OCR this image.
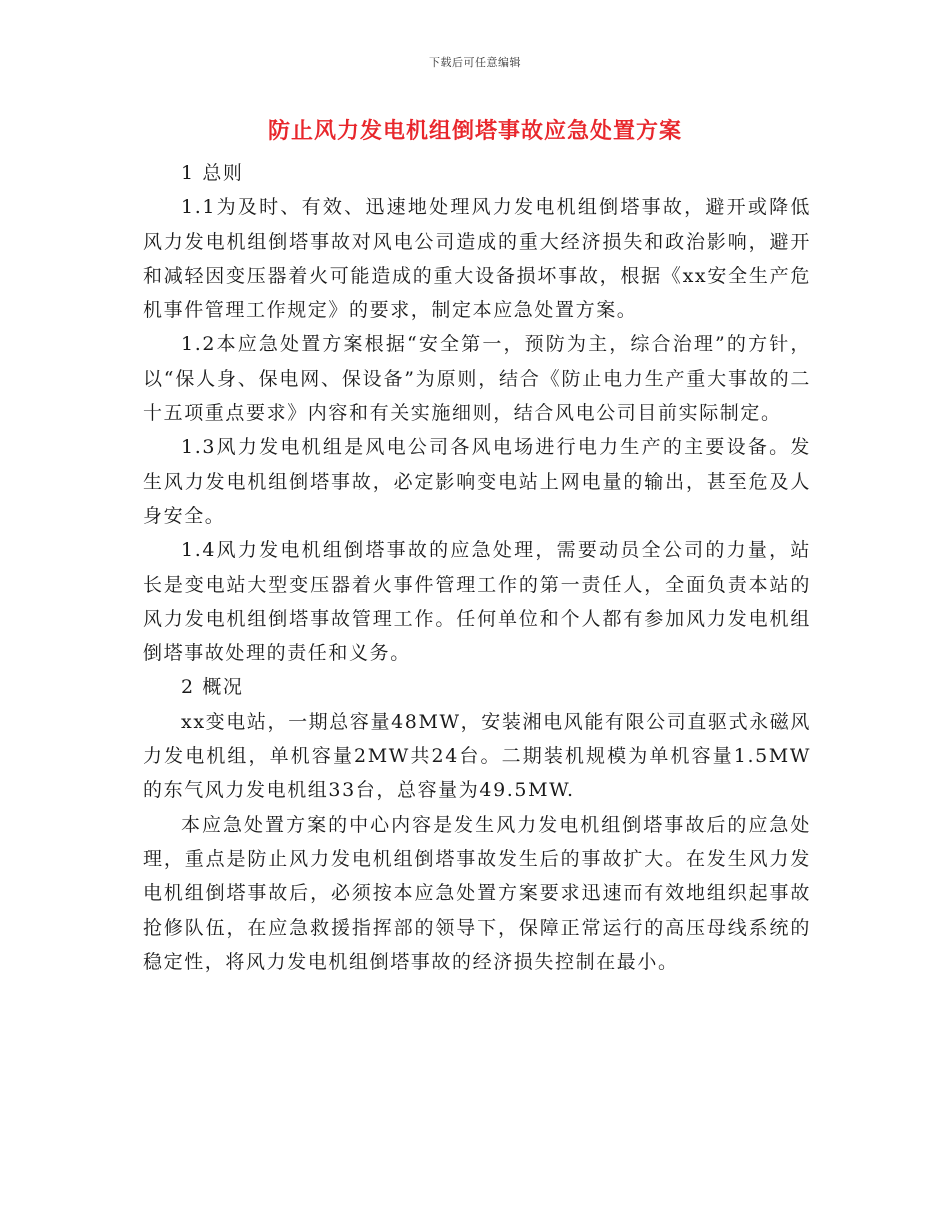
下载后可任意编辑
防止风力发电机组倒塔事故应急处置方案

1 总则

1.1为及时、有效、迅速地处理风力发电机组倒塔事故，避开或降低风力发电机组倒塔事故对风电公司造成的重大经济损失和政治影响，避开和减轻因变压器着火可能造成的重大设备损坏事故，根据《xx安全生产危机事件管理工作规定》的要求，制定本应急处置方案。

1.2本应急处置方案根据“安全第一，预防为主，综合治理”的方针，以“保人身、保电网、保设备”为原则，结合《防止电力生产重大事故的二十五项重点要求》内容和有关实施细则，结合风电公司目前实际制定。

1.3风力发电机组是风电公司各风电场进行电力生产的主要设备。发生风力发电机组倒塔事故，必定影响变电站上网电量的输出，甚至危及人身安全。

1.4风力发电机组倒塔事故的应急处理，需要动员全公司的力量，站长是变电站大型变压器着火事件管理工作的第一责任人，全面负责本站的风力发电机组倒塔事故管理工作。任何单位和个人都有参加风力发电机组倒塔事故处理的责任和义务。

2 概况

xx变电站，一期总容量48MW，安装湘电风能有限公司直驱式永磁风力发电机组，单机容量2MW共24台。二期装机规模为单机容量1.5MW的东气风力发电机组33台，总容量为49.5MW.

本应急处置方案的中心内容是发生风力发电机组倒塔事故后的应急处理，重点是防止风力发电机组倒塔事故发生后的事故扩大。在发生风力发电机组倒塔事故后，必须按本应急处置方案要求迅速而有效地组织起事故抢修队伍，在应急救援指挥部的领导下，保障正常运行的高压母线系统的稳定性，将风力发电机组倒塔事故的经济损失控制在最小。
